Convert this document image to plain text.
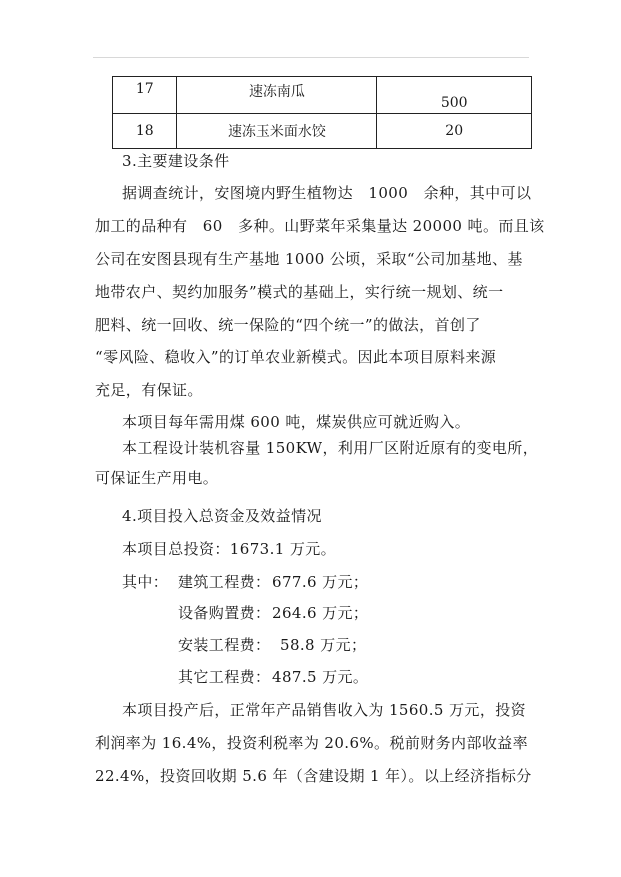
17	速冻南瓜	500
18	速冻玉米面水饺	20
3.主要建设条件
据调查统计，安图境内野生植物达　1000　余种，其中可以
加工的品种有　60　多种。山野菜年采集量达 20000 吨。而且该
公司在安图县现有生产基地 1000 公顷，采取“公司加基地、基
地带农户、契约加服务”模式的基础上，实行统一规划、统一
肥料、统一回收、统一保险的“四个统一”的做法，首创了
“零风险、稳收入”的订单农业新模式。因此本项目原料来源
充足，有保证。
本项目每年需用煤 600 吨，煤炭供应可就近购入。
本工程设计装机容量 150KW，利用厂区附近原有的变电所，
可保证生产用电。
4.项目投入总资金及效益情况
本项目总投资：1673.1 万元。
其中： 建筑工程费： 677.6 万元；
设备购置费： 264.6 万元；
安装工程费： 58.8 万元；
其它工程费： 487.5 万元。
本项目投产后，正常年产品销售收入为 1560.5 万元，投资
利润率为 16.4%，投资利税率为 20.6%。税前财务内部收益率
22.4%，投资回收期 5.6 年（含建设期 1 年）。以上经济指标分
